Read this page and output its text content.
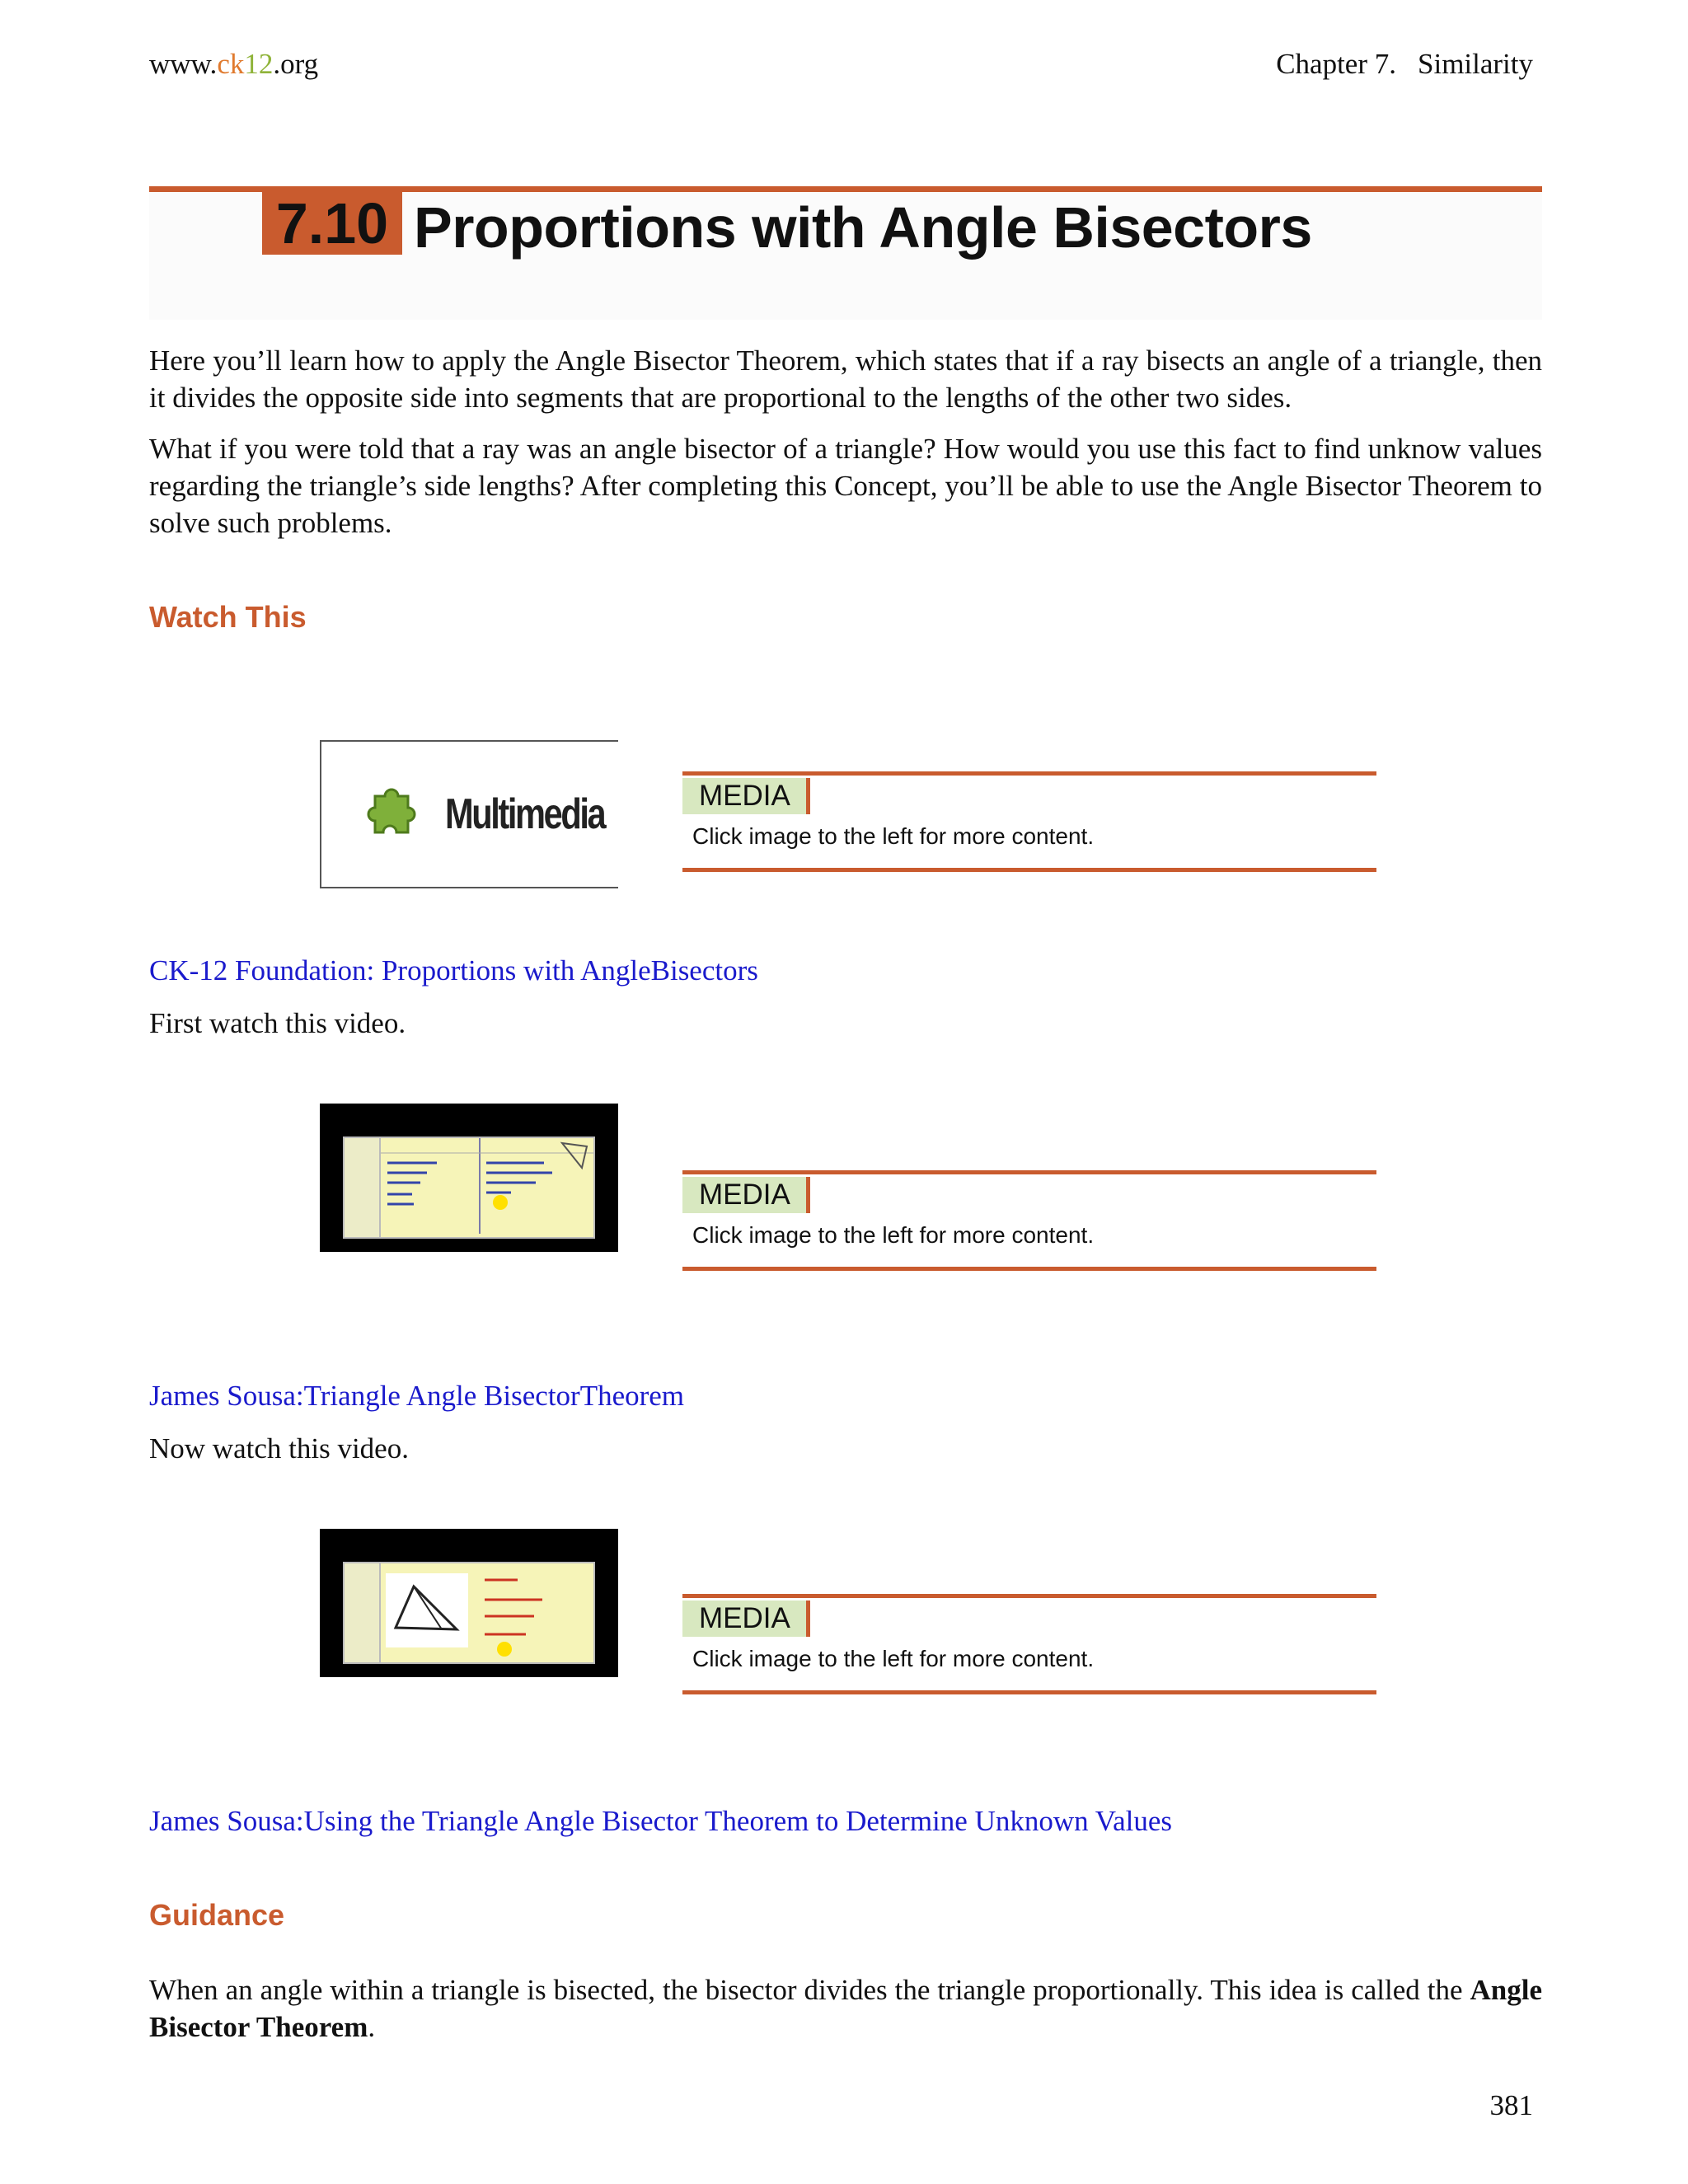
www.ck12.org	Chapter 7. Similarity
7.10 Proportions with Angle Bisectors

Here you’ll learn how to apply the Angle Bisector Theorem, which states that if a ray bisects an angle of a triangle, then it divides the opposite side into segments that are proportional to the lengths of the other two sides.

What if you were told that a ray was an angle bisector of a triangle? How would you use this fact to find unknow values regarding the triangle’s side lengths? After completing this Concept, you’ll be able to use the Angle Bisector Theorem to solve such problems.

Watch This
Multimedia	MEDIA
Click image to the left for more content.
CK-12 Foundation: Proportions with AngleBisectors
First watch this video.
MEDIA
Click image to the left for more content.
James Sousa:Triangle Angle BisectorTheorem
Now watch this video.
MEDIA
Click image to the left for more content.
James Sousa:Using the Triangle Angle Bisector Theorem to Determine Unknown Values
Guidance

When an angle within a triangle is bisected, the bisector divides the triangle proportionally. This idea is called the Angle Bisector Theorem.

381
